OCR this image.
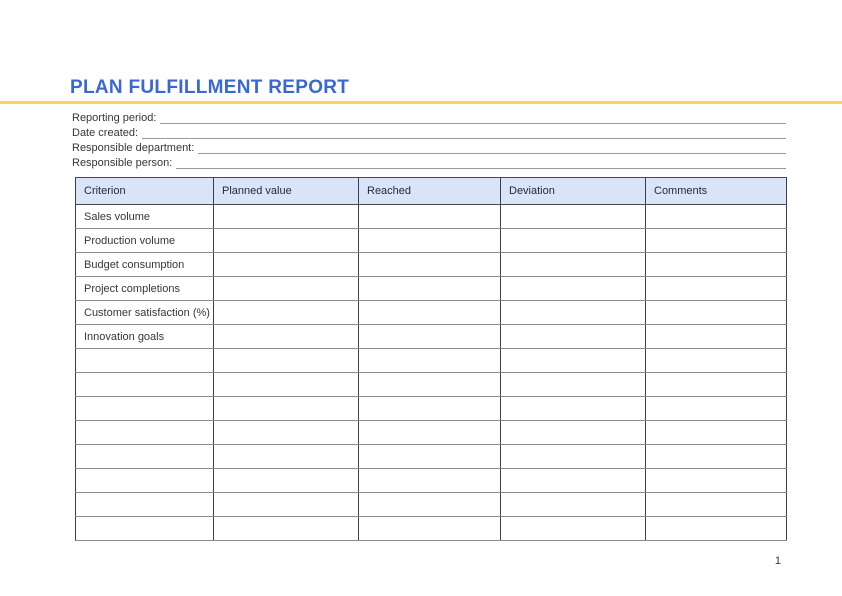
PLAN FULFILLMENT REPORT
Reporting period:
Date created:
Responsible department:
Responsible person:
Criterion	Planned value	Reached	Deviation	Comments
Sales volume				
Production volume				
Budget consumption				
Project completions				
Customer satisfaction (%)				
Innovation goals				

1
